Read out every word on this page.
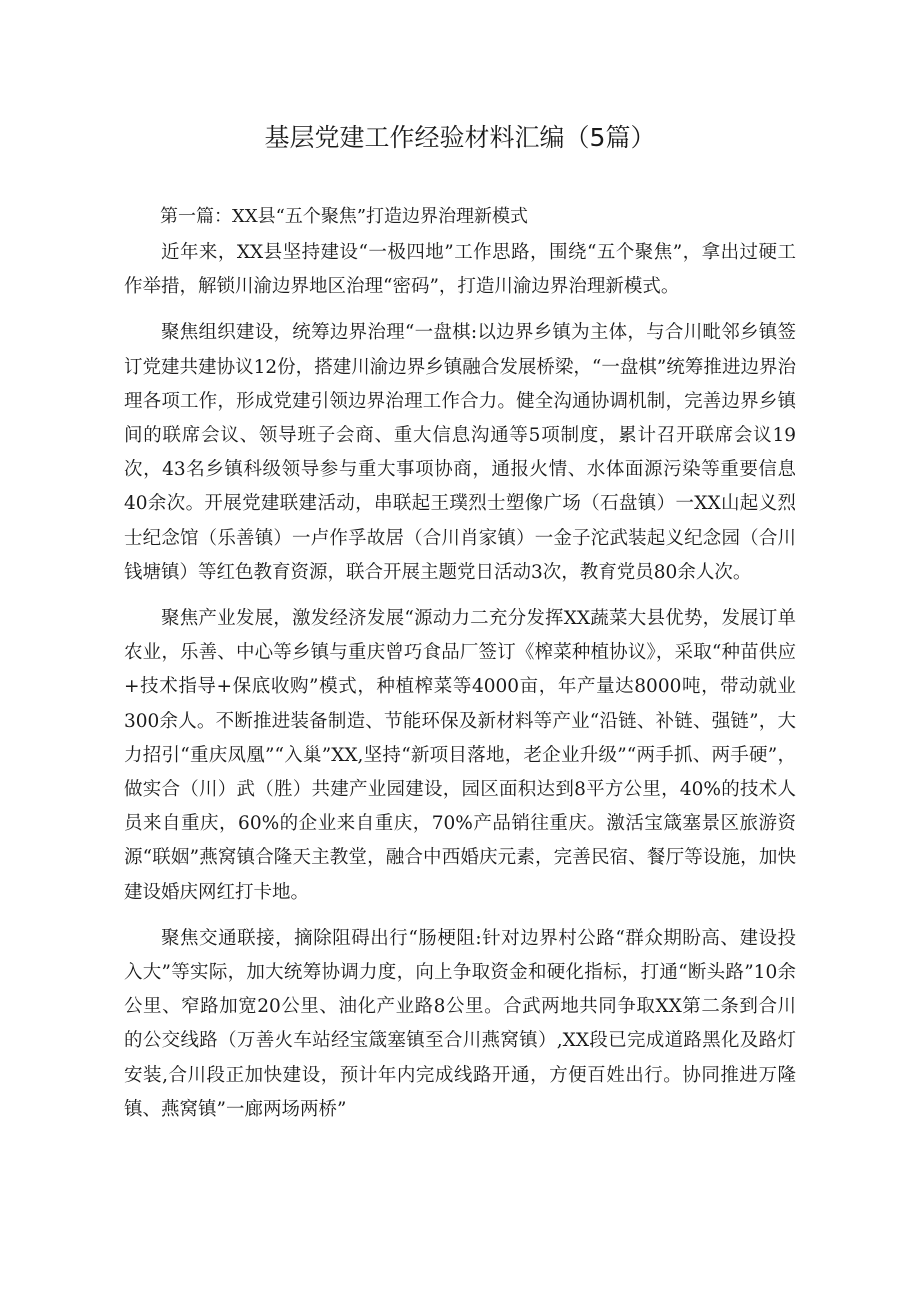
基层党建工作经验材料汇编（5篇）

第一篇：XX县“五个聚焦”打造边界治理新模式

近年来，XX县坚持建设“一极四地”工作思路，围绕“五个聚焦”，拿出过硬工作举措，解锁川渝边界地区治理“密码”，打造川渝边界治理新模式。

聚焦组织建设，统筹边界治理“一盘棋:以边界乡镇为主体，与合川毗邻乡镇签订党建共建协议12份，搭建川渝边界乡镇融合发展桥梁，“一盘棋”统筹推进边界治理各项工作，形成党建引领边界治理工作合力。健全沟通协调机制，完善边界乡镇间的联席会议、领导班子会商、重大信息沟通等5项制度，累计召开联席会议19次，43名乡镇科级领导参与重大事项协商，通报火情、水体面源污染等重要信息40余次。开展党建联建活动，串联起王璞烈士塑像广场（石盘镇）一XX山起义烈士纪念馆（乐善镇）一卢作孚故居（合川肖家镇）一金子沱武装起义纪念园（合川钱塘镇）等红色教育资源，联合开展主题党日活动3次，教育党员80余人次。

聚焦产业发展，激发经济发展“源动力二充分发挥XX蔬菜大县优势，发展订单农业，乐善、中心等乡镇与重庆曾巧食品厂签订《榨菜种植协议》，采取“种苗供应+技术指导+保底收购”模式，种植榨菜等4000亩，年产量达8000吨，带动就业300余人。不断推进装备制造、节能环保及新材料等产业“沿链、补链、强链”，大力招引“重庆凤凰”“入巢”XX,坚持“新项目落地，老企业升级”“两手抓、两手硬”，做实合（川）武（胜）共建产业园建设，园区面积达到8平方公里，40%的技术人员来自重庆，60%的企业来自重庆，70%产品销往重庆。激活宝箴塞景区旅游资源“联姻”燕窝镇合隆天主教堂，融合中西婚庆元素，完善民宿、餐厅等设施，加快建设婚庆网红打卡地。

聚焦交通联接，摘除阻碍出行“肠梗阻:针对边界村公路“群众期盼高、建设投入大”等实际，加大统筹协调力度，向上争取资金和硬化指标，打通“断头路”10余公里、窄路加宽20公里、油化产业路8公里。合武两地共同争取XX第二条到合川的公交线路（万善火车站经宝箴塞镇至合川燕窝镇）,XX段已完成道路黑化及路灯安装,合川段正加快建设，预计年内完成线路开通，方便百姓出行。协同推进万隆镇、燕窝镇”一廊两场两桥”
